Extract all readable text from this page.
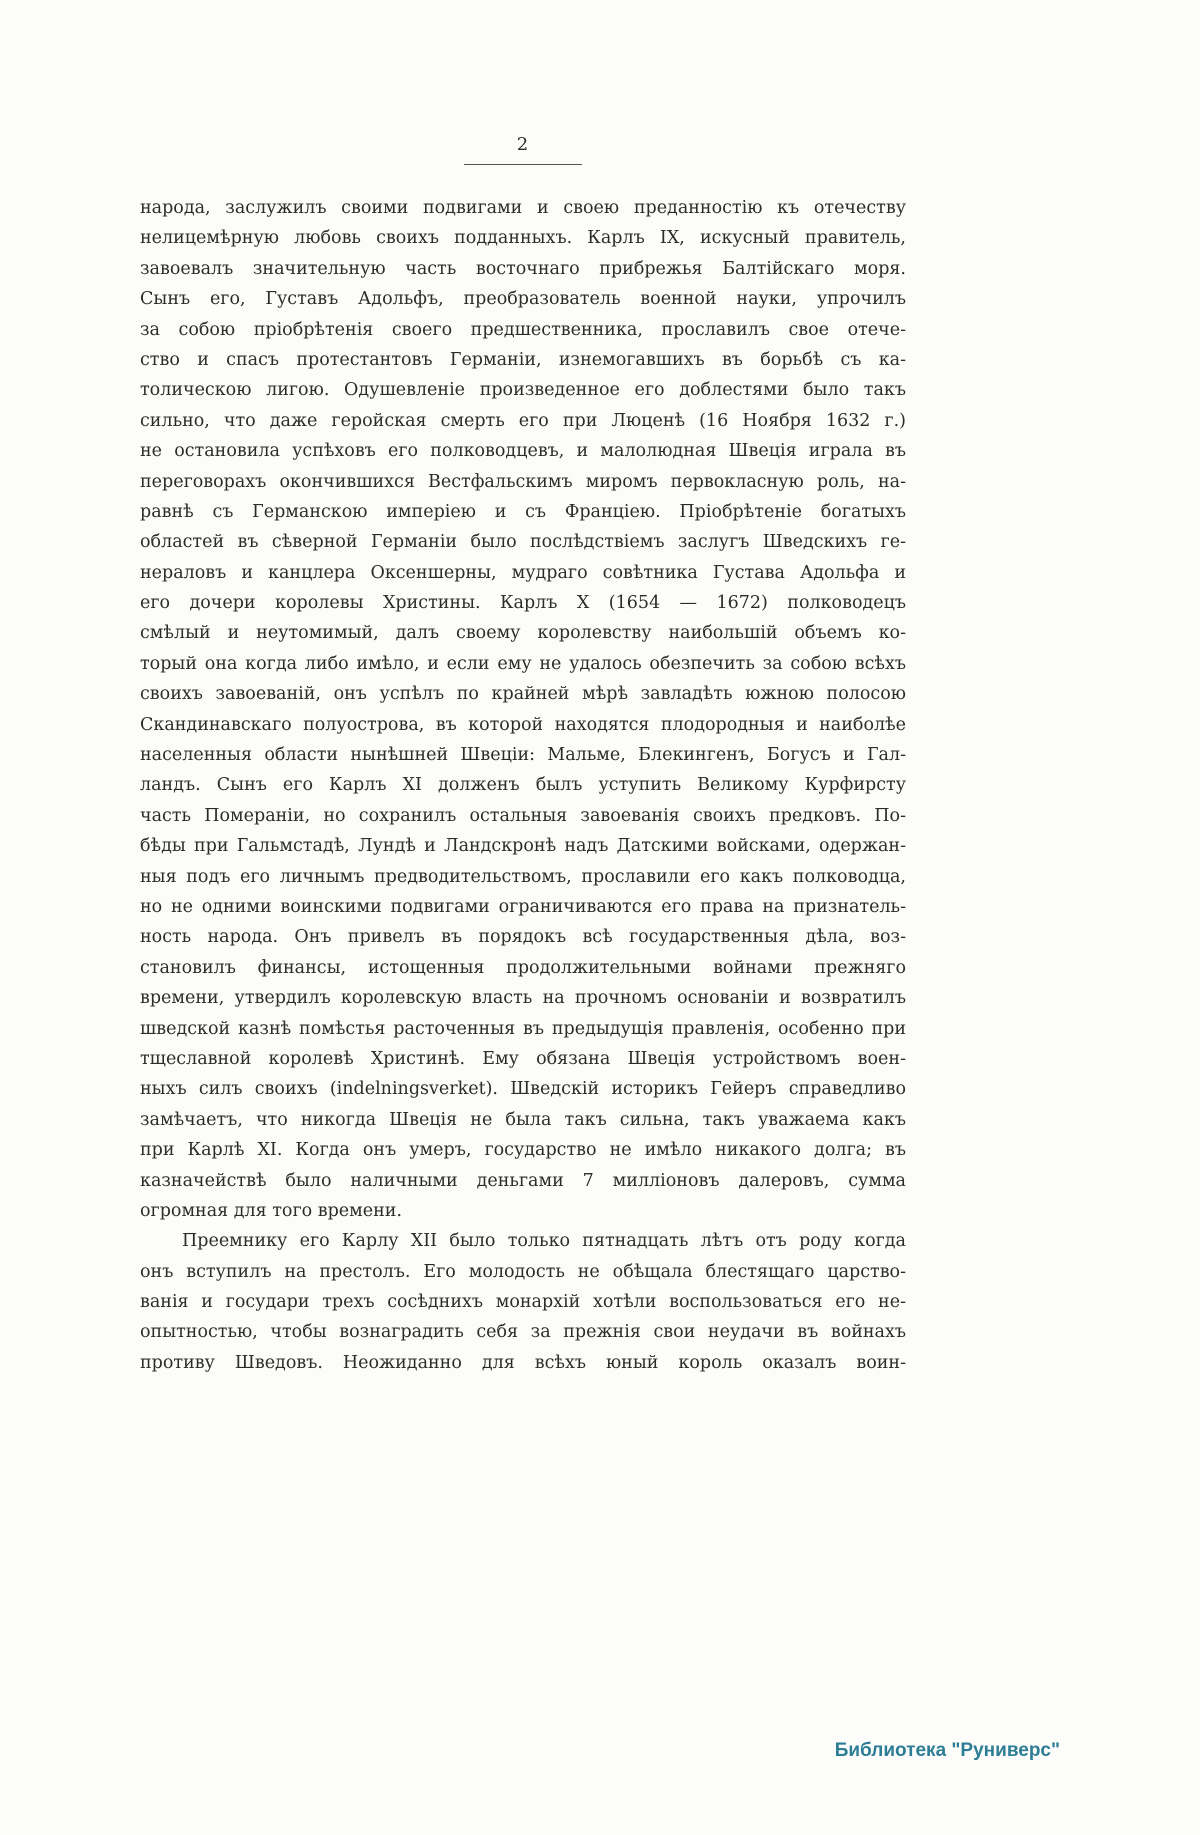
2
народа, заслужилъ своими подвигами и своею преданностію къ отечеству
нелицемѣрную любовь своихъ подданныхъ. Карлъ IX, искусный правитель,
завоевалъ значительную часть восточнаго прибрежья Балтійскаго моря.
Сынъ его, Густавъ Адольфъ, преобразователь военной науки, упрочилъ
за собою пріобрѣтенія своего предшественника, прославилъ свое отече-
ство и спасъ протестантовъ Германіи, изнемогавшихъ въ борьбѣ съ ка-
толическою лигою. Одушевленіе произведенное его доблестями было такъ
сильно, что даже геройская смерть его при Люценѣ (16 Ноября 1632 г.)
не остановила успѣховъ его полководцевъ, и малолюдная Швеція играла въ
переговорахъ окончившихся Вестфальскимъ миромъ первокласную роль, на-
равнѣ съ Германскою имперіею и съ Франціею. Пріобрѣтеніе богатыхъ
областей въ сѣверной Германіи было послѣдствіемъ заслугъ Шведскихъ ге-
нераловъ и канцлера Оксеншерны, мудраго совѣтника Густава Адольфа и
его дочери королевы Христины. Карлъ X (1654 — 1672) полководецъ
смѣлый и неутомимый, далъ своему королевству наибольшій объемъ ко-
торый она когда либо имѣло, и если ему не удалось обезпечить за собою всѣхъ
своихъ завоеваній, онъ успѣлъ по крайней мѣрѣ завладѣть южною полосою
Скандинавскаго полуострова, въ которой находятся плодородныя и наиболѣе
населенныя области нынѣшней Швеціи: Мальме, Блекингенъ, Богусъ и Гал-
ландъ. Сынъ его Карлъ XI долженъ былъ уступить Великому Курфирсту
часть Помераніи, но сохранилъ остальныя завоеванія своихъ предковъ. По-
бѣды при Гальмстадѣ, Лундѣ и Ландскронѣ надъ Датскими войсками, одержан-
ныя подъ его личнымъ предводительствомъ, прославили его какъ полководца,
но не одними воинскими подвигами ограничиваются его права на признатель-
ность народа. Онъ привелъ въ порядокъ всѣ государственныя дѣла, воз-
становилъ финансы, истощенныя продолжительными войнами прежняго
времени, утвердилъ королевскую власть на прочномъ основаніи и возвратилъ
шведской казнѣ помѣстья расточенныя въ предыдущія правленія, особенно при
тщеславной королевѣ Христинѣ. Ему обязана Швеція устройствомъ воен-
ныхъ силъ своихъ (indelningsverket). Шведскій историкъ Гейеръ справедливо
замѣчаетъ, что никогда Швеція не была такъ сильна, такъ уважаема какъ
при Карлѣ XI. Когда онъ умеръ, государство не имѣло никакого долга; въ
казначействѣ было наличными деньгами 7 милліоновъ далеровъ, сумма
огромная для того времени.
Преемнику его Карлу XII было только пятнадцать лѣтъ отъ роду когда
онъ вступилъ на престолъ. Его молодость не обѣщала блестящаго царство-
ванія и государи трехъ сосѣднихъ монархій хотѣли воспользоваться его не-
опытностью, чтобы вознаградить себя за прежнія свои неудачи въ войнахъ
противу Шведовъ. Неожиданно для всѣхъ юный король оказалъ воин-
Библиотека "Руниверс"
